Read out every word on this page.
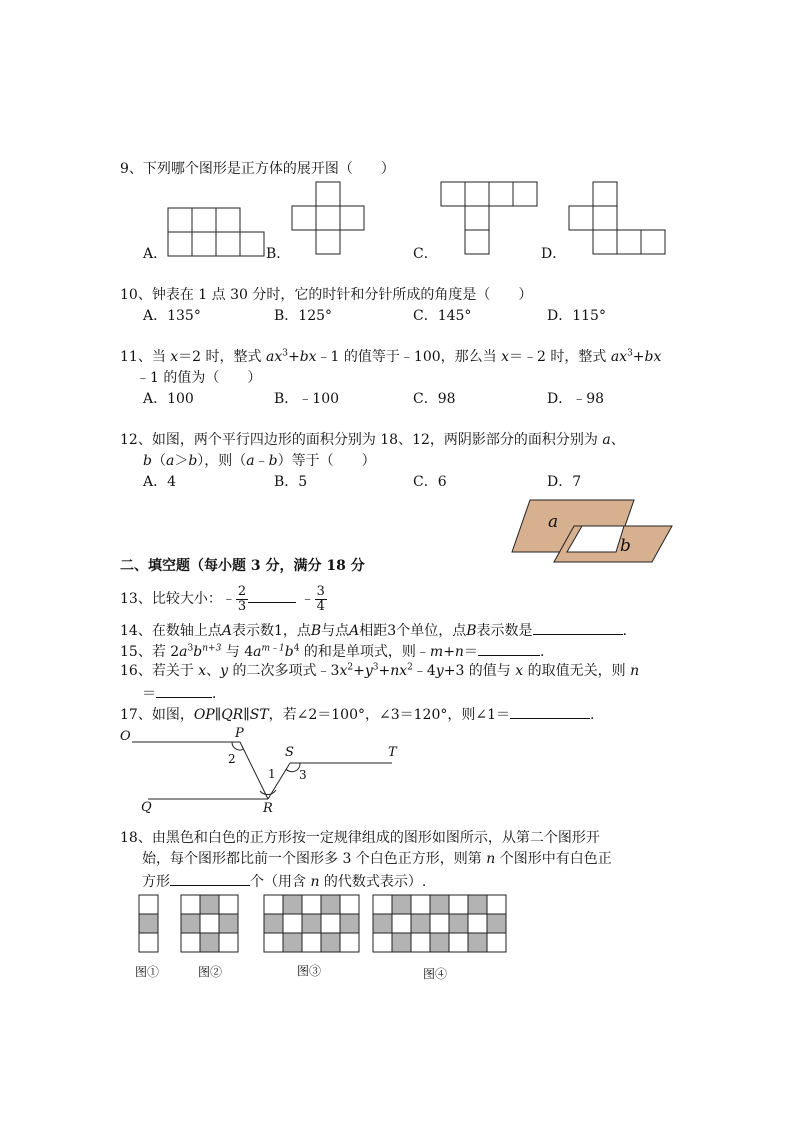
9、下列哪个图形是正方体的展开图（　　）
A．	B．	C．	D．
10、钟表在 1 点 30 分时，它的时针和分针所成的角度是（　　）
A．135°	B．125°	C．145°	D．115°
11、当 x＝2 时，整式 $ax^3+bx﹣1$ 的值等于﹣100，那么当 x＝﹣2 时，整式 $ax^3+bx$
﹣1 的值为（　　）
A．100	B．﹣100	C．98	D．﹣98
12、如图，两个平行四边形的面积分别为 18、12，两阴影部分的面积分别为 a、
b（a＞b），则（a﹣b）等于（　　）
A．4	B．5	C．6	D．7
a
b
二、填空题（每小题 3 分，满分 18 分
13、比较大小：﹣ $\frac{2}{3}$	﹣ $\frac{3}{4}$
14、在数轴上点A表示数1，点B与点A相距3个单位，点B表示数是	.
15、若 $2a^3b^{n+3}$ 与 $4a^{m﹣1}b^4$ 的和是单项式，则﹣m+n＝	．
16、若关于 x、y 的二次多项式$﹣3x^2+y^3+nx^2﹣4y+3$ 的值与 x 的取值无关，则 n
＝	．
17、如图，OP∥QR∥ST，若∠2＝100°，∠3＝120°，则∠1＝	.
O	P
2	S	T
1 3
Q	R
18、由黑色和白色的正方形按一定规律组成的图形如图所示，从第二个图形开
始，每个图形都比前一个图形多 3 个白色正方形，则第 n 个图形中有白色正
方形	个（用含 n 的代数式表示）.
图①	图②	图③	图④
